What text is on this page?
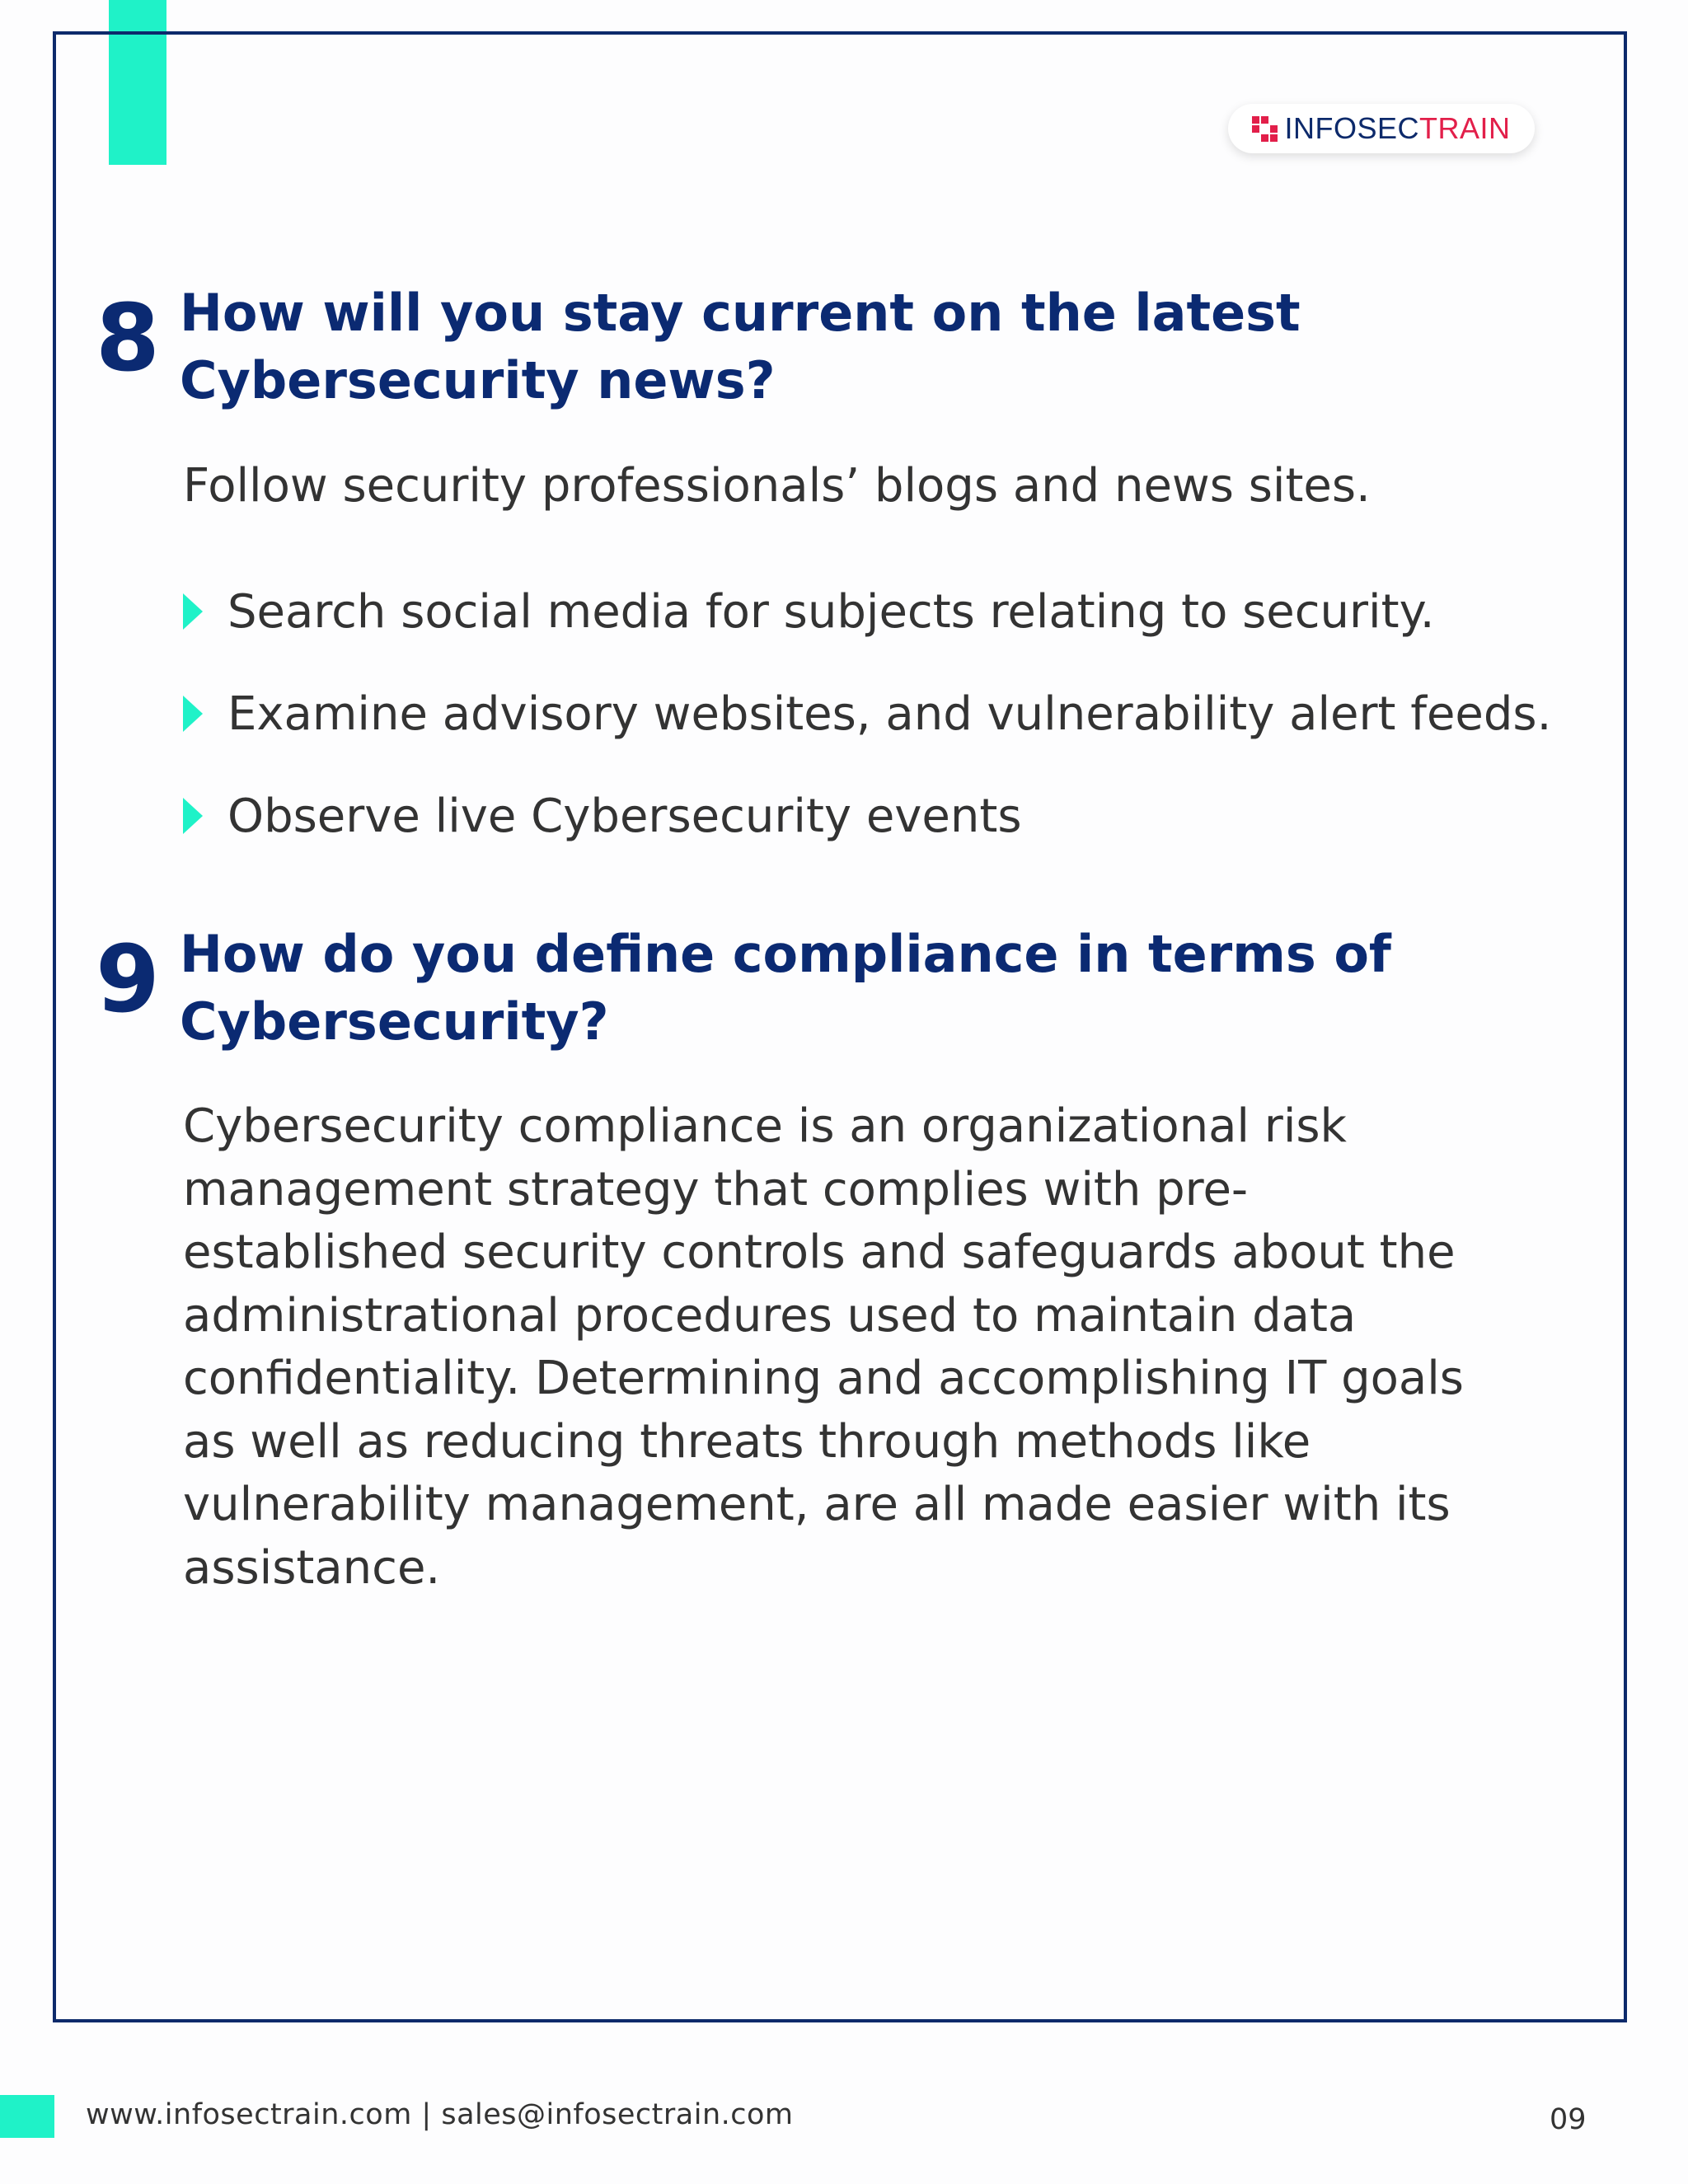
INFOSECTRAIN
8 How will you stay current on the latest
Cybersecurity news?

Follow security professionals’ blogs and news sites.

Search social media for subjects relating to security.
Examine advisory websites, and vulnerability alert feeds.
Observe live Cybersecurity events
9 How do you define compliance in terms of
Cybersecurity?

Cybersecurity compliance is an organizational risk
management strategy that complies with pre-
established security controls and safeguards about the
administrational procedures used to maintain data
confidentiality. Determining and accomplishing IT goals
as well as reducing threats through methods like
vulnerability management, are all made easier with its
assistance.

www.infosectrain.com | sales@infosectrain.com	09
